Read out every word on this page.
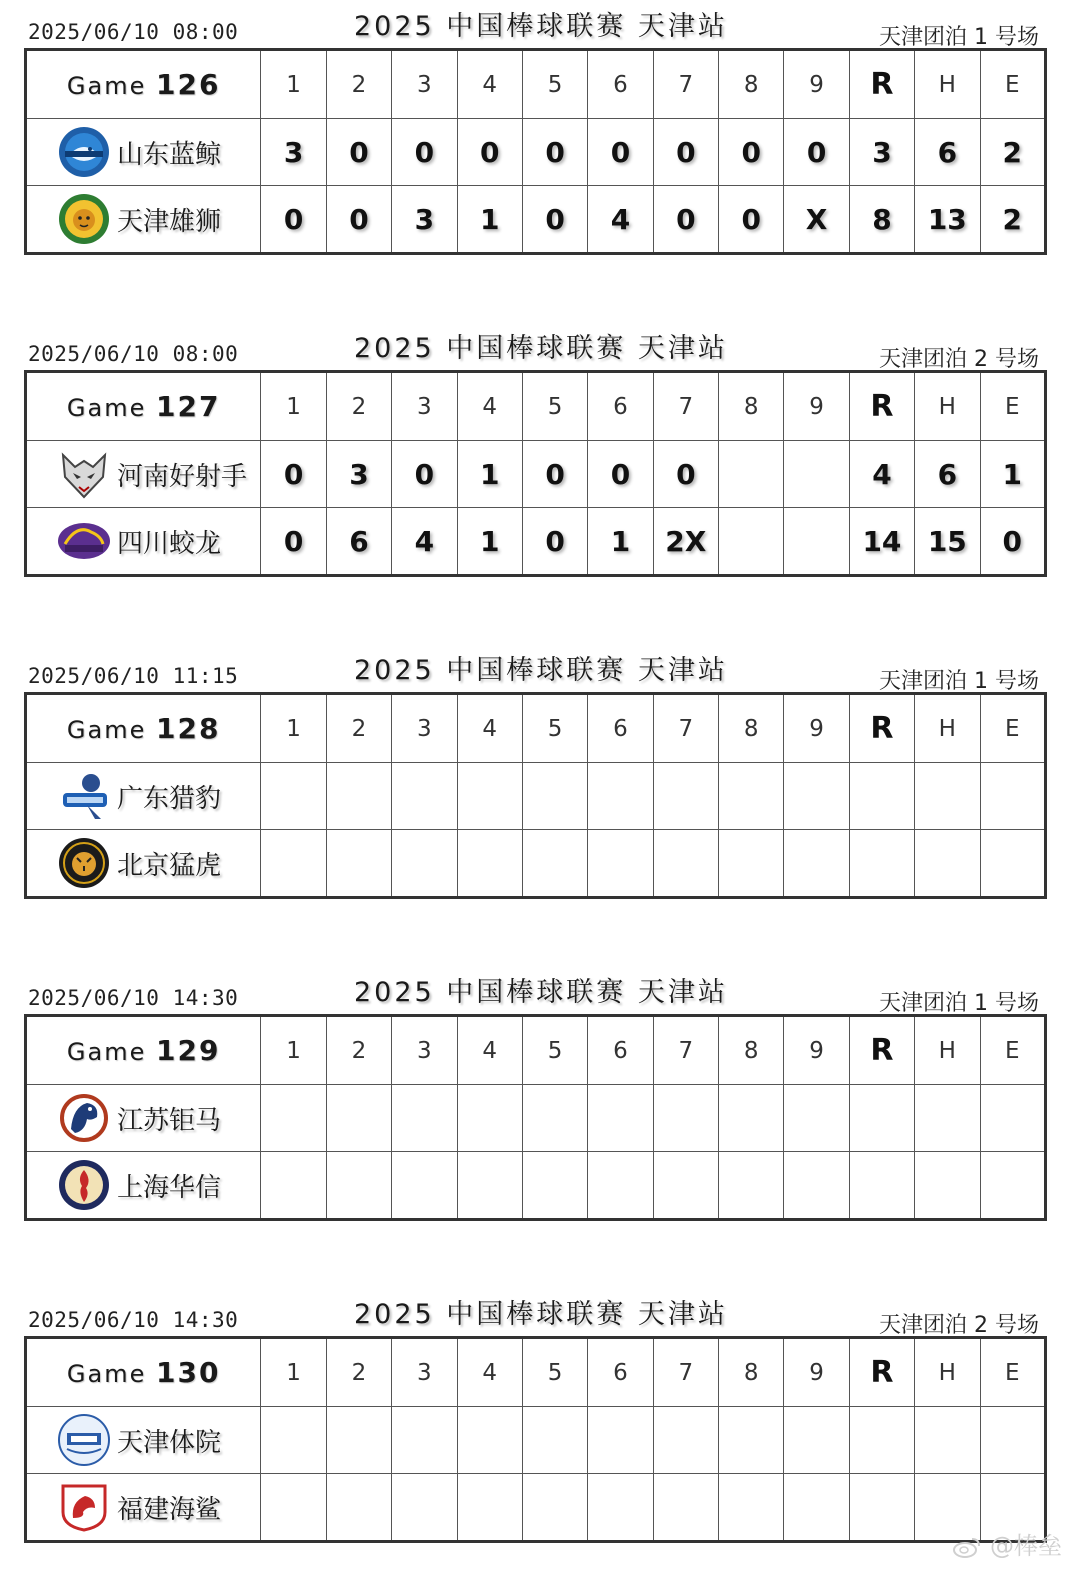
2025/06/10 08:00	2025 中国棒球联赛 天津站	天津团泊 1 号场
Game 126	1	2	3	4	5	6	7	8	9	R	H	E

山东蓝鲸	3	0	0	0	0	0	0	0	0	3	6	2

天津雄狮	0	0	3	1	0	4	0	0	X	8	13	2
2025/06/10 08:00	2025 中国棒球联赛 天津站	天津团泊 2 号场
Game 127	1	2	3	4	5	6	7	8	9	R	H	E

河南好射手	0	3	0	1	0	0	0			4	6	1

四川蛟龙	0	6	4	1	0	1	2X			14	15	0
2025/06/10 11:15	2025 中国棒球联赛 天津站	天津团泊 1 号场
Game 128	1	2	3	4	5	6	7	8	9	R	H	E

广东猎豹												

北京猛虎												

2025/06/10 14:30	2025 中国棒球联赛 天津站	天津团泊 1 号场
Game 129	1	2	3	4	5	6	7	8	9	R	H	E

江苏钜马												

上海华信												

2025/06/10 14:30	2025 中国棒球联赛 天津站	天津团泊 2 号场
Game 130	1	2	3	4	5	6	7	8	9	R	H	E

天津体院												

福建海鲨												

@棒垒
